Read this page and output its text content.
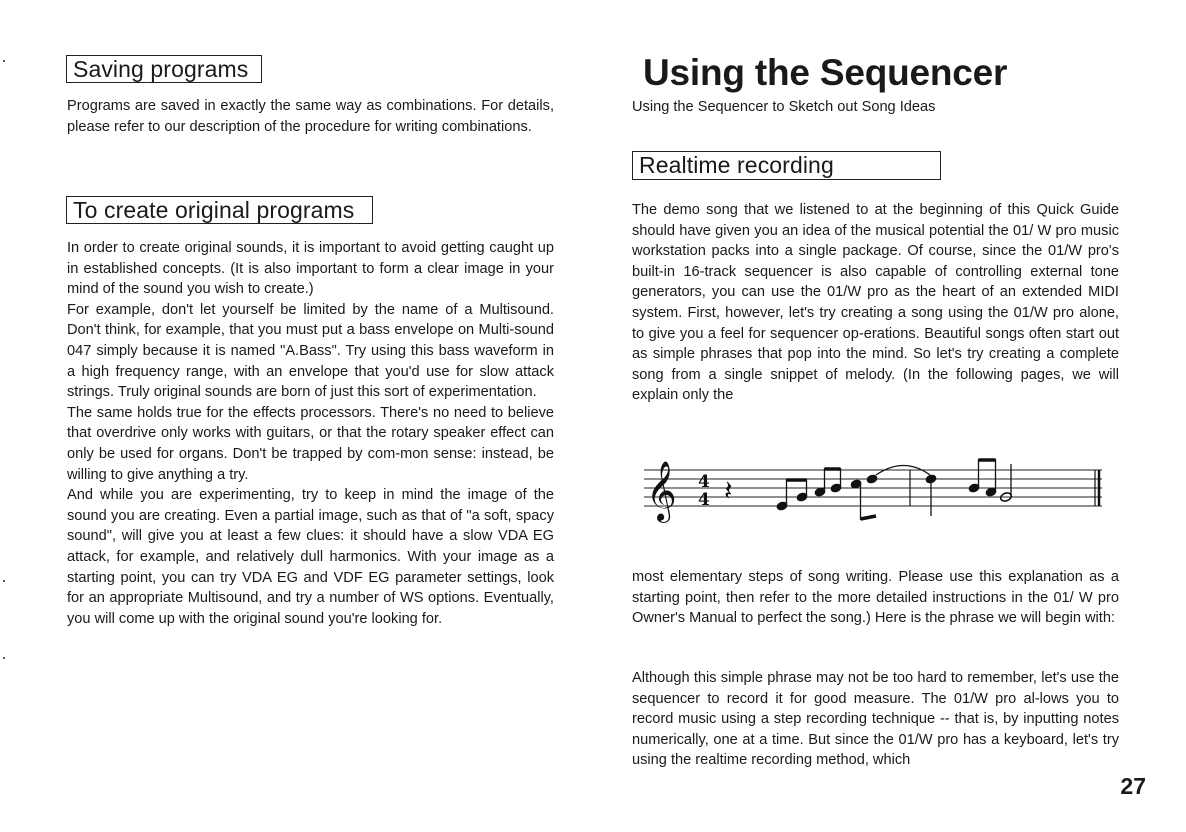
Saving programs

Programs are saved in exactly the same way as combinations. For details, please refer to our description of the procedure for writing combinations.

To create original programs

In order to create original sounds, it is important to avoid getting caught up in established concepts. (It is also important to form a clear image in your mind of the sound you wish to create.)

For example, don't let yourself be limited by the name of a Multisound. Don't think, for example, that you must put a bass envelope on Multi-sound 047 simply because it is named "A.Bass". Try using this bass waveform in a high frequency range, with an envelope that you'd use for slow attack strings. Truly original sounds are born of just this sort of experimentation.

The same holds true for the effects processors. There's no need to believe that overdrive only works with guitars, or that the rotary speaker effect can only be used for organs. Don't be trapped by com-mon sense: instead, be willing to give anything a try.

And while you are experimenting, try to keep in mind the image of the sound you are creating. Even a partial image, such as that of "a soft, spacy sound", will give you at least a few clues: it should have a slow VDA EG attack, for example, and relatively dull harmonics. With your image as a starting point, you can try VDA EG and VDF EG parameter settings, look for an appropriate Multisound, and try a number of WS options. Eventually, you will come up with the original sound you're looking for.

Using the Sequencer
Using the Sequencer to Sketch out Song Ideas
Realtime recording

The demo song that we listened to at the beginning of this Quick Guide should have given you an idea of the musical potential the 01/ W pro music workstation packs into a single package. Of course, since the 01/W pro's built-in 16-track sequencer is also capable of controlling external tone generators, you can use the 01/W pro as the heart of an extended MIDI system. First, however, let's try creating a song using the 01/W pro alone, to give you a feel for sequencer op-erations. Beautiful songs often start out as simple phrases that pop into the mind. So let's try creating a complete song from a single snippet of melody. (In the following pages, we will explain only the

𝄞 4
4 𝄽

most elementary steps of song writing. Please use this explanation as a starting point, then refer to the more detailed instructions in the 01/ W pro Owner's Manual to perfect the song.) Here is the phrase we will begin with:

Although this simple phrase may not be too hard to remember, let's use the sequencer to record it for good measure. The 01/W pro al-lows you to record music using a step recording technique -- that is, by inputting notes numerically, one at a time. But since the 01/W pro has a keyboard, let's try using the realtime recording method, which

27
